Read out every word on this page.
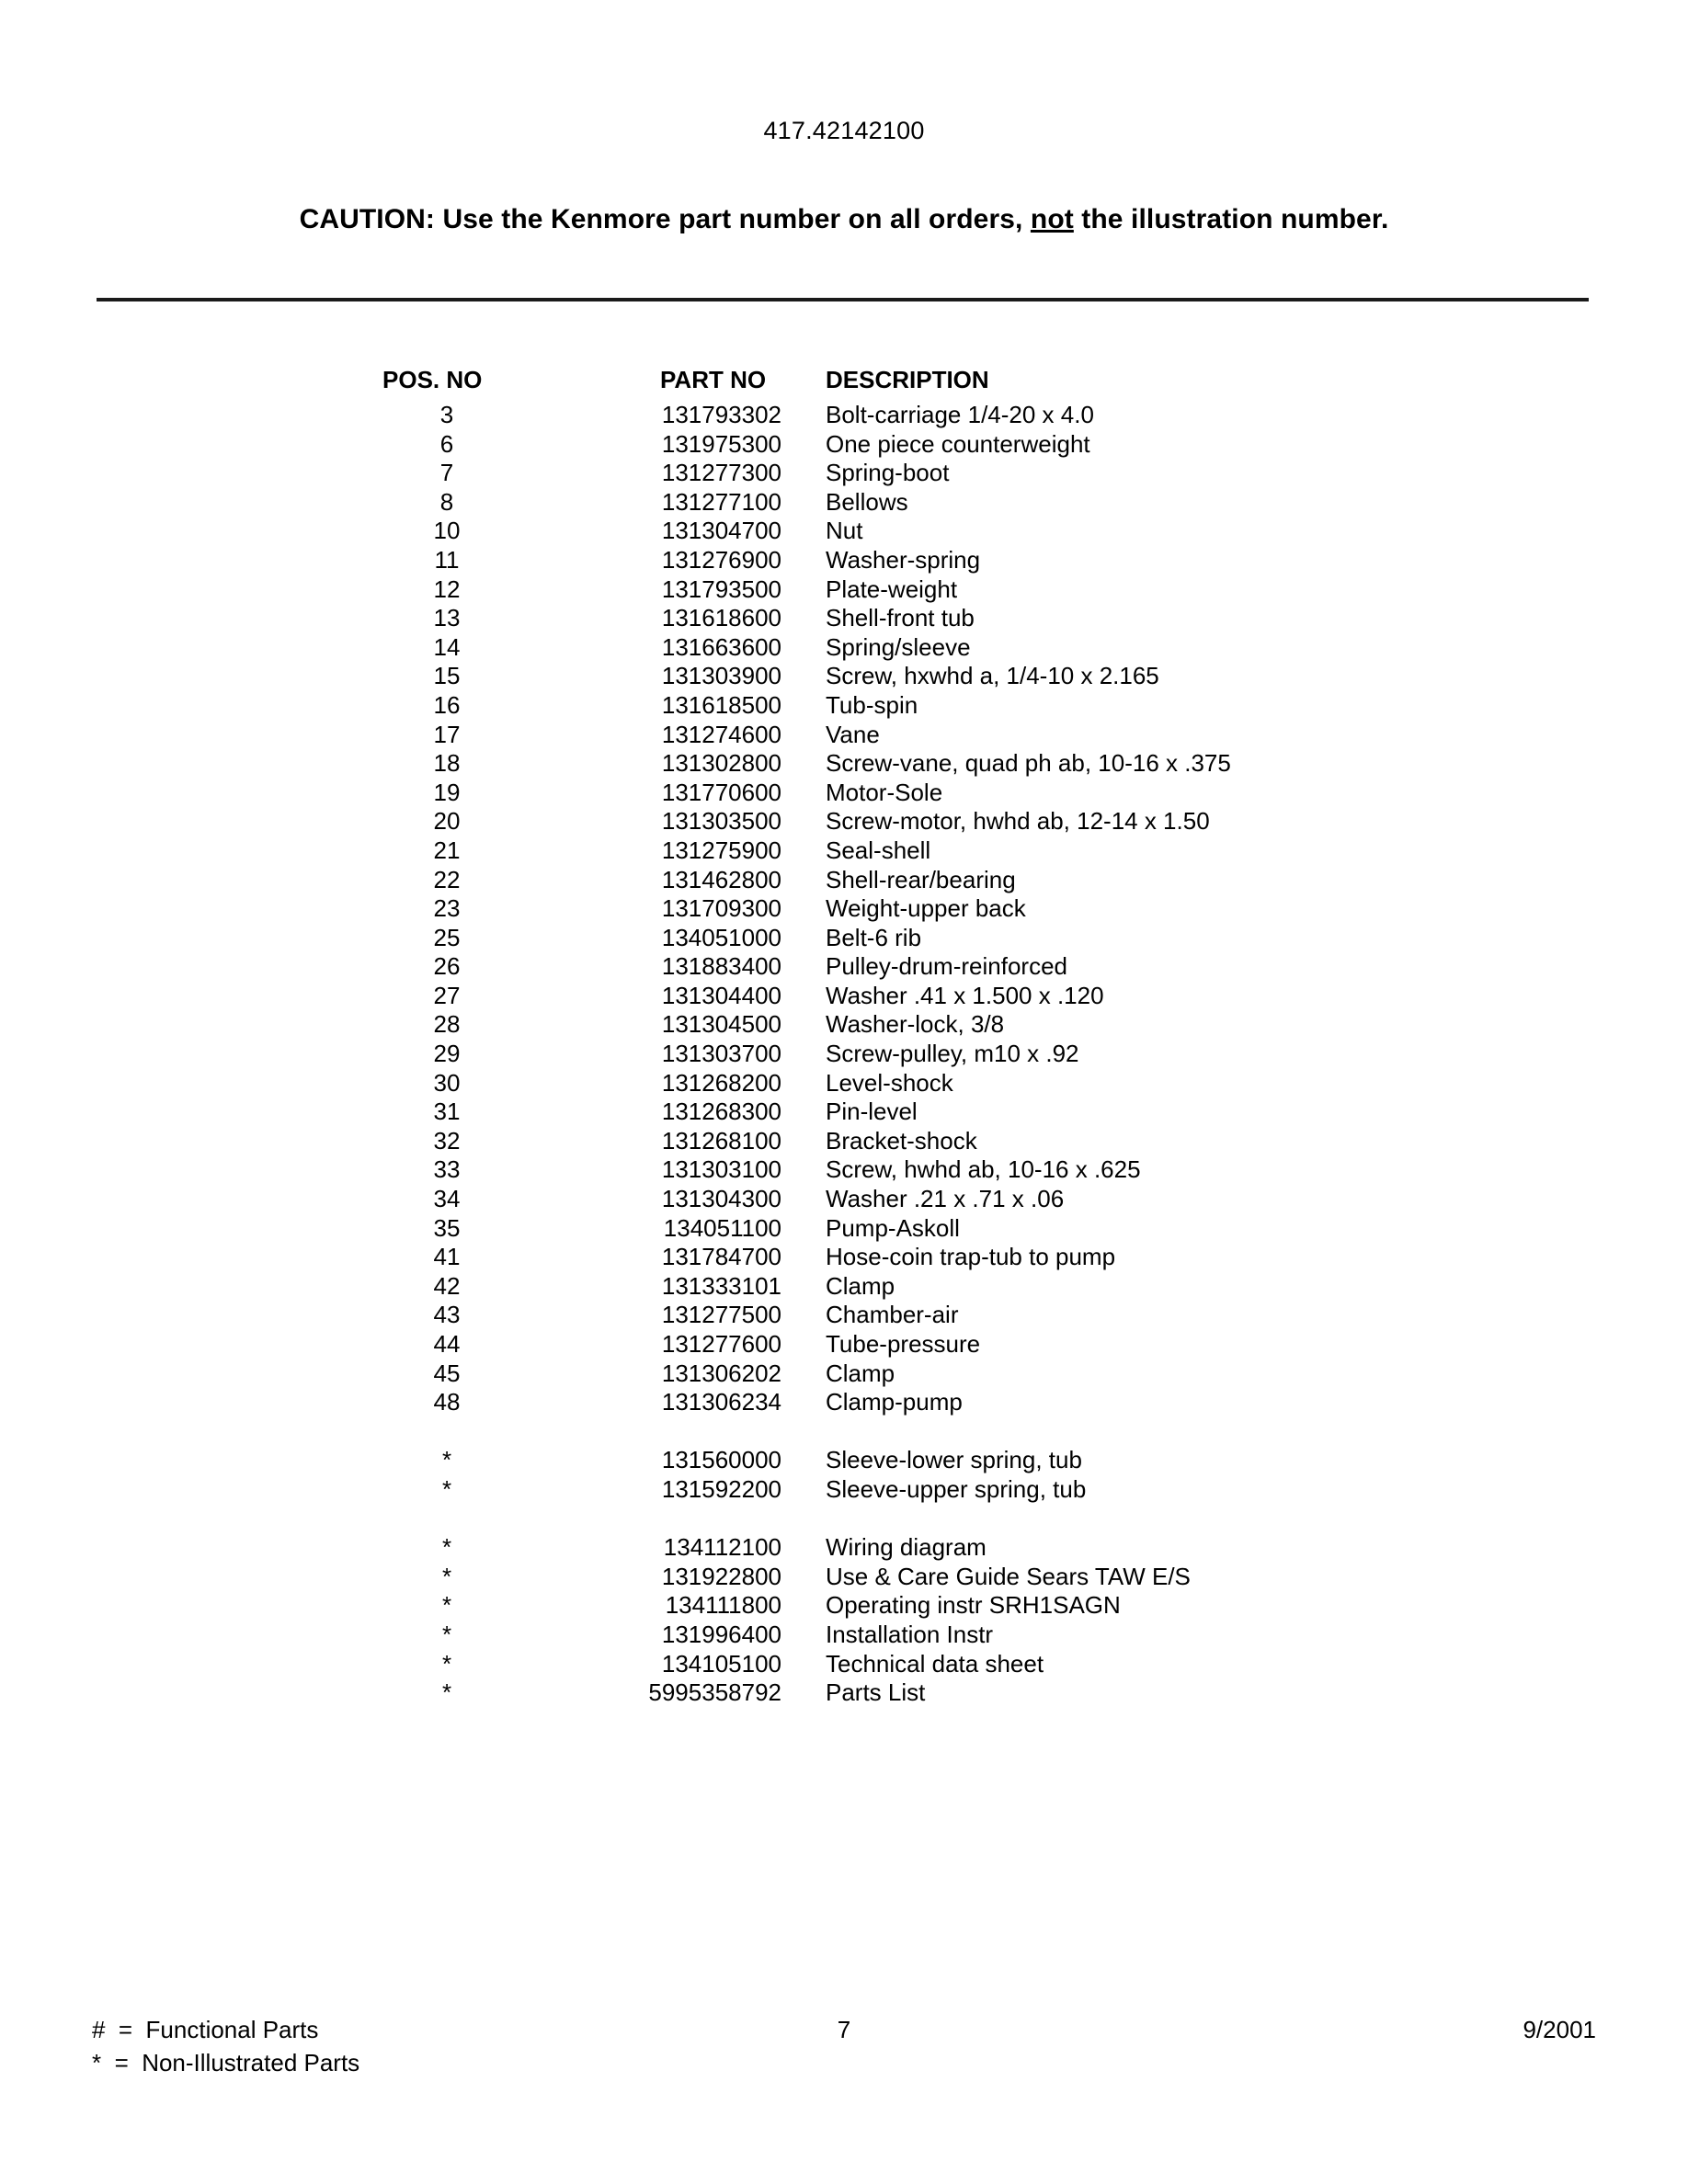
417.42142100
CAUTION: Use the Kenmore part number on all orders, not the illustration number.
POS. NO	PART NO	DESCRIPTION
3	131793302 Bolt-carriage 1/4-20 x 4.0
6	131975300 One piece counterweight
7	131277300 Spring-boot
8	131277100 Bellows
10	131304700 Nut
11	131276900 Washer-spring
12	131793500 Plate-weight
13	131618600 Shell-front tub
14	131663600 Spring/sleeve
15	131303900 Screw, hxwhd a, 1/4-10 x 2.165
16	131618500 Tub-spin
17	131274600 Vane
18	131302800 Screw-vane, quad ph ab, 10-16 x .375
19	131770600 Motor-Sole
20	131303500 Screw-motor, hwhd ab, 12-14 x 1.50
21	131275900 Seal-shell
22	131462800 Shell-rear/bearing
23	131709300 Weight-upper back
25	134051000 Belt-6 rib
26	131883400 Pulley-drum-reinforced
27	131304400 Washer .41 x 1.500 x .120
28	131304500 Washer-lock, 3/8
29	131303700 Screw-pulley, m10 x .92
30	131268200 Level-shock
31	131268300 Pin-level
32	131268100 Bracket-shock
33	131303100 Screw, hwhd ab, 10-16 x .625
34	131304300 Washer .21 x .71 x .06
35	134051100 Pump-Askoll
41	131784700 Hose-coin trap-tub to pump
42	131333101 Clamp
43	131277500 Chamber-air
44	131277600 Tube-pressure
45	131306202 Clamp
48	131306234 Clamp-pump
*	131560000 Sleeve-lower spring, tub
*	131592200 Sleeve-upper spring, tub
*	134112100 Wiring diagram
*	131922800 Use & Care Guide Sears TAW E/S
*	134111800 Operating instr SRH1SAGN
*	131996400 Installation Instr
*	134105100 Technical data sheet
*	5995358792 Parts List
#  =  Functional Parts
*  =  Non-Illustrated Parts
7	9/2001
